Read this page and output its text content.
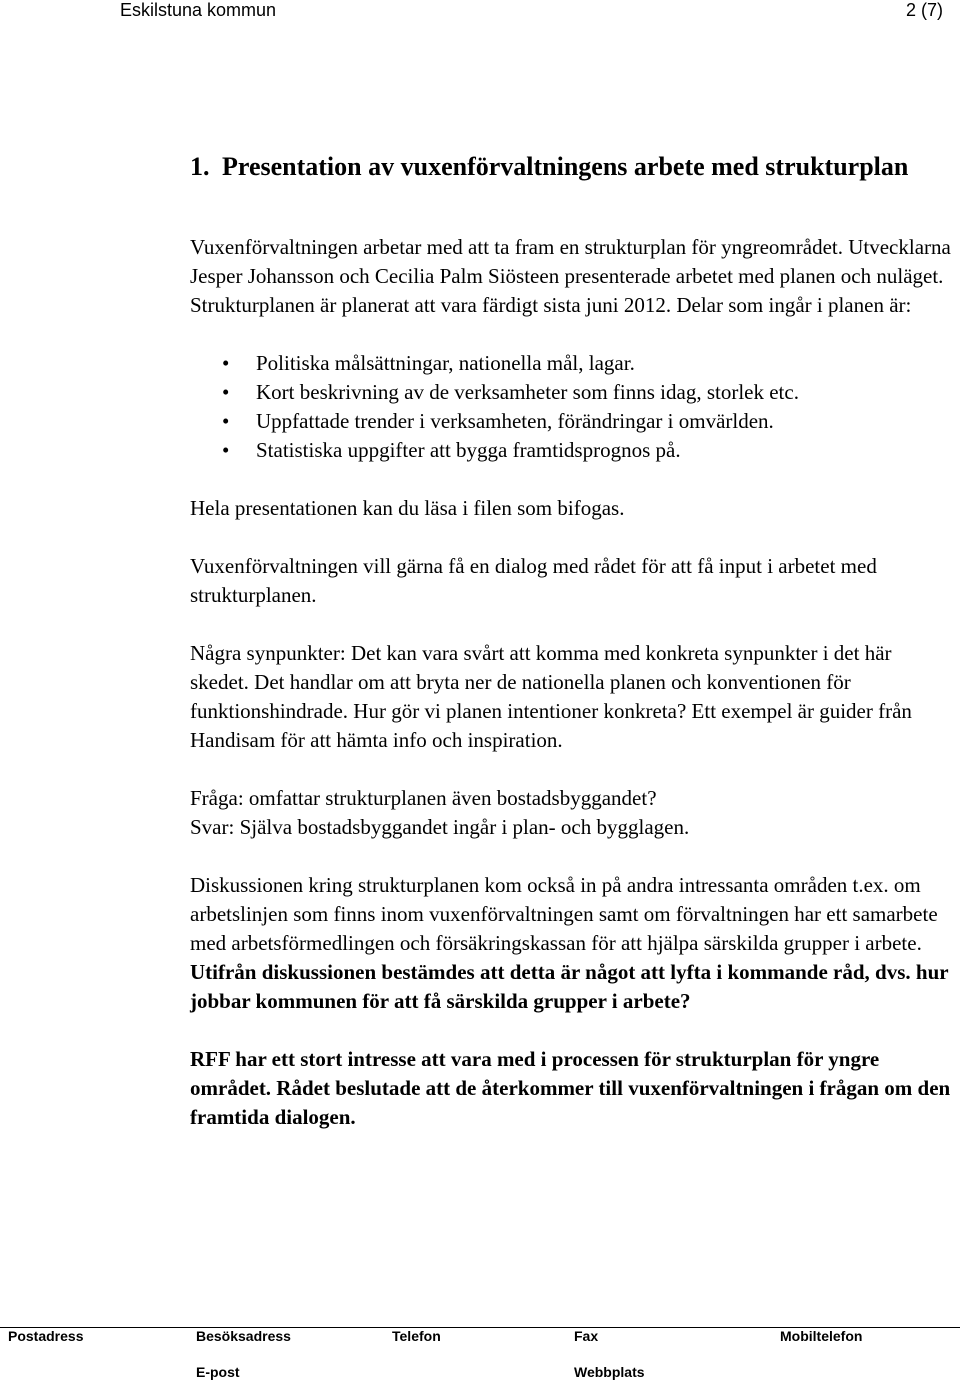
Eskilstuna kommun	2 (7)
1. Presentation av vuxenförvaltningens arbete med strukturplan

Vuxenförvaltningen arbetar med att ta fram en strukturplan för yngreområdet. Utvecklarna Jesper Johansson och Cecilia Palm Siösteen presenterade arbetet med planen och nuläget. Strukturplanen är planerat att vara färdigt sista juni 2012. Delar som ingår i planen är:

• Politiska målsättningar, nationella mål, lagar.
• Kort beskrivning av de verksamheter som finns idag, storlek etc.
• Uppfattade trender i verksamheten, förändringar i omvärlden.
• Statistiska uppgifter att bygga framtidsprognos på.

Hela presentationen kan du läsa i filen som bifogas.

Vuxenförvaltningen vill gärna få en dialog med rådet för att få input i arbetet med strukturplanen.

Några synpunkter: Det kan vara svårt att komma med konkreta synpunkter i det här skedet. Det handlar om att bryta ner de nationella planen och konventionen för funktionshindrade. Hur gör vi planen intentioner konkreta? Ett exempel är guider från Handisam för att hämta info och inspiration.

Fråga: omfattar strukturplanen även bostadsbyggandet?

Svar: Själva bostadsbyggandet ingår i plan- och bygglagen.

Diskussionen kring strukturplanen kom också in på andra intressanta områden t.ex. om arbetslinjen som finns inom vuxenförvaltningen samt om förvaltningen har ett samarbete med arbetsförmedlingen och försäkringskassan för att hjälpa särskilda grupper i arbete. Utifrån diskussionen bestämdes att detta är något att lyfta i kommande råd, dvs. hur jobbar kommunen för att få särskilda grupper i arbete?

RFF har ett stort intresse att vara med i processen för strukturplan för yngre området. Rådet beslutade att de återkommer till vuxenförvaltningen i frågan om den framtida dialogen.

Postadress	Besöksadress	Telefon	Fax	Mobiltelefon
E-post	Webbplats
